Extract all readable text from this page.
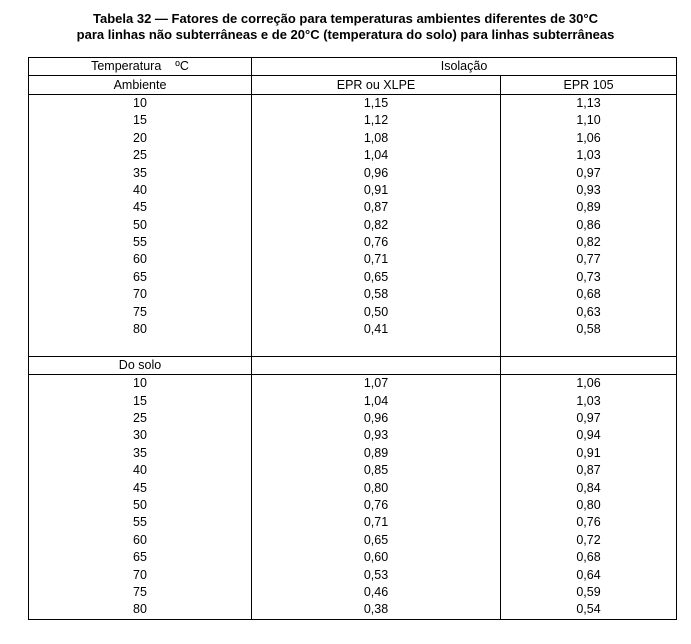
Tabela 32 — Fatores de correção para temperaturas ambientes diferentes de 30°C
para linhas não subterrâneas e de 20°C (temperatura do solo) para linhas subterrâneas
Temperatura ºC	Isolação	
Ambiente	EPR ou XLPE	EPR 105
10	1,15	1,13
15	1,12	1,10
20	1,08	1,06
25	1,04	1,03
35	0,96	0,97
40	0,91	0,93
45	0,87	0,89
50	0,82	0,86
55	0,76	0,82
60	0,71	0,77
65	0,65	0,73
70	0,58	0,68
75	0,50	0,63
80	0,41	0,58

Do solo		
10	1,07	1,06
15	1,04	1,03
25	0,96	0,97
30	0,93	0,94
35	0,89	0,91
40	0,85	0,87
45	0,80	0,84
50	0,76	0,80
55	0,71	0,76
60	0,65	0,72
65	0,60	0,68
70	0,53	0,64
75	0,46	0,59
80	0,38	0,54
